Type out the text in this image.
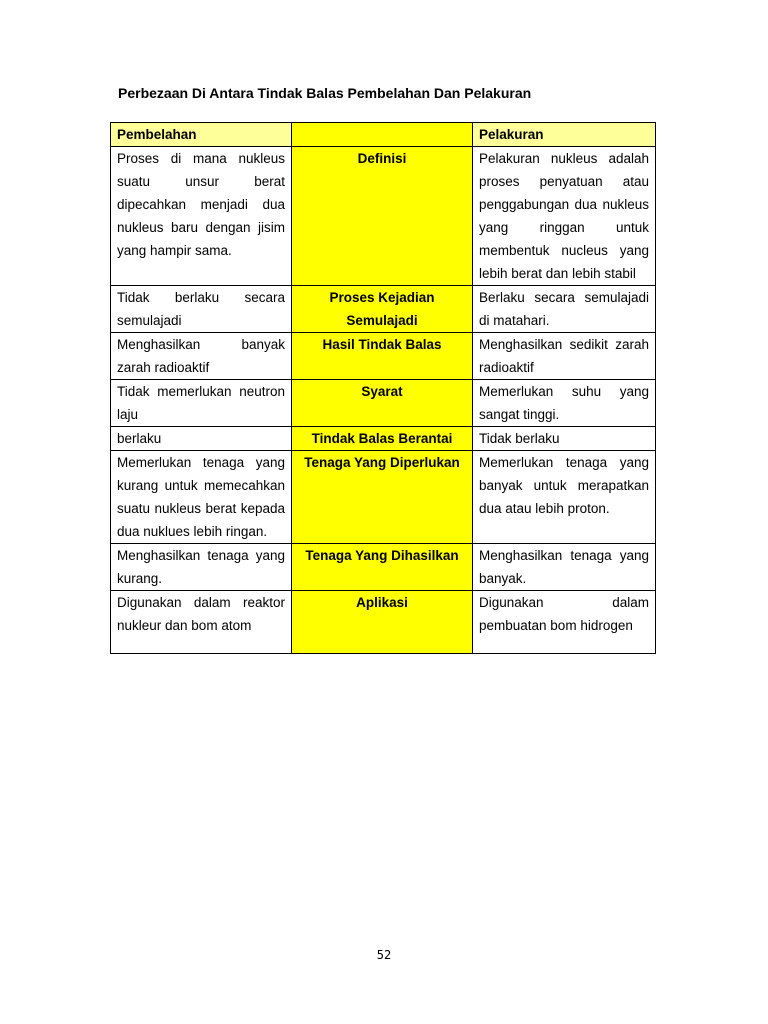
Perbezaan Di Antara Tindak Balas Pembelahan Dan Pelakuran
Pembelahan		Pelakuran
Proses di mana nukleus suatu unsur berat dipecahkan menjadi dua nukleus baru dengan jisim yang hampir sama.	Definisi	Pelakuran nukleus adalah proses penyatuan atau penggabungan dua nukleus yang ringgan untuk membentuk nucleus yang lebih berat dan lebih stabil
Tidak berlaku secara semulajadi	Proses Kejadian Semulajadi	Berlaku secara semulajadi di matahari.
Menghasilkan banyak zarah radioaktif	Hasil Tindak Balas	Menghasilkan sedikit zarah radioaktif
Tidak memerlukan neutron laju	Syarat	Memerlukan suhu yang sangat tinggi.
berlaku	Tindak Balas Berantai	Tidak berlaku
Memerlukan tenaga yang kurang untuk memecahkan suatu nukleus berat kepada dua nuklues lebih ringan.	Tenaga Yang Diperlukan	Memerlukan tenaga yang banyak untuk merapatkan dua atau lebih proton.
Menghasilkan tenaga yang kurang.	Tenaga Yang Dihasilkan	Menghasilkan tenaga yang banyak.
Digunakan dalam reaktor nukleur dan bom atom	Aplikasi	Digunakan dalam pembuatan bom hidrogen
52
